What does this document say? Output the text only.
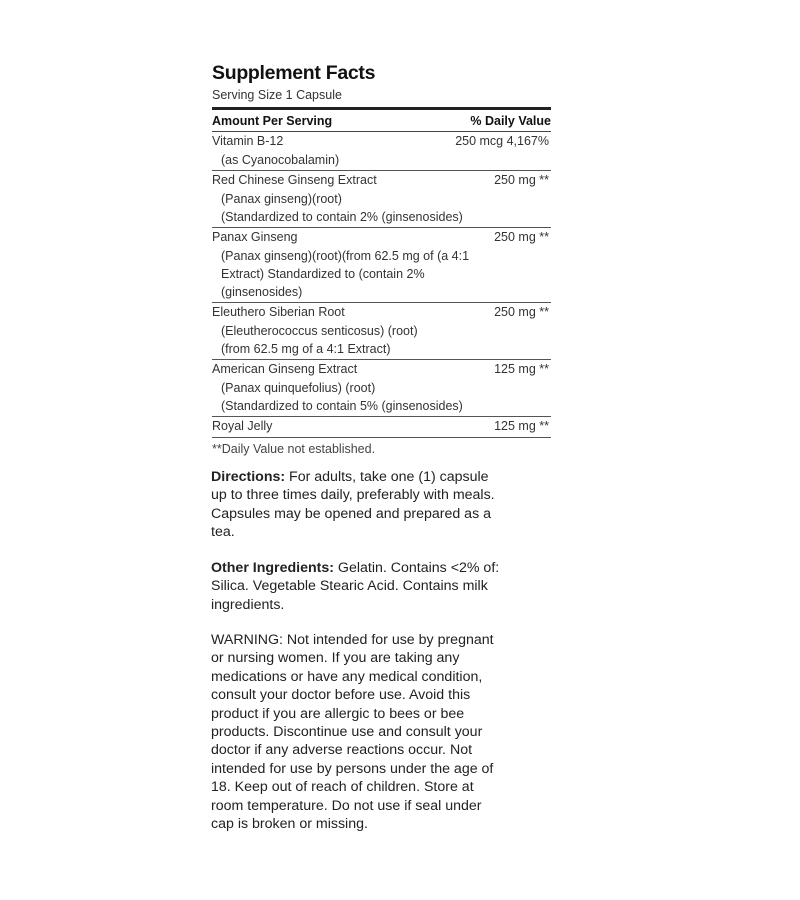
Supplement Facts
Serving Size 1 Capsule
Amount Per Serving	% Daily Value
Vitamin B-12	250 mcg 4,167%
(as Cyanocobalamin)
Red Chinese Ginseng Extract	250 mg **
(Panax ginseng)(root)
(Standardized to contain 2% (ginsenosides)
Panax Ginseng	250 mg **
(Panax ginseng)(root)(from 62.5 mg of (a 4:1
Extract) Standardized to (contain 2%
(ginsenosides)
Eleuthero Siberian Root	250 mg **
(Eleutherococcus senticosus) (root)
(from 62.5 mg of a 4:1 Extract)
American Ginseng Extract	125 mg **
(Panax quinquefolius) (root)
(Standardized to contain 5% (ginsenosides)
Royal Jelly	125 mg **
**Daily Value not established.
Directions: For adults, take one (1) capsule
up to three times daily, preferably with meals.
Capsules may be opened and prepared as a
tea.
Other Ingredients: Gelatin. Contains <2% of:
Silica. Vegetable Stearic Acid. Contains milk
ingredients.
WARNING: Not intended for use by pregnant
or nursing women. If you are taking any
medications or have any medical condition,
consult your doctor before use. Avoid this
product if you are allergic to bees or bee
products. Discontinue use and consult your
doctor if any adverse reactions occur. Not
intended for use by persons under the age of
18. Keep out of reach of children. Store at
room temperature. Do not use if seal under
cap is broken or missing.
